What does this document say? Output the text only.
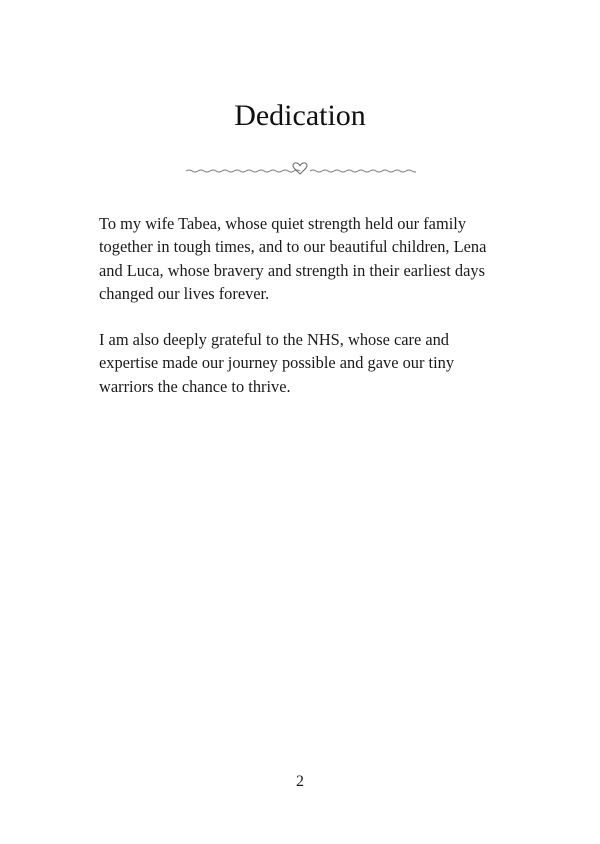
Dedication

To my wife Tabea, whose quiet strength held our family together in tough times, and to our beautiful children, Lena and Luca, whose bravery and strength in their earliest days changed our lives forever.

I am also deeply grateful to the NHS, whose care and expertise made our journey possible and gave our tiny warriors the chance to thrive.

2
